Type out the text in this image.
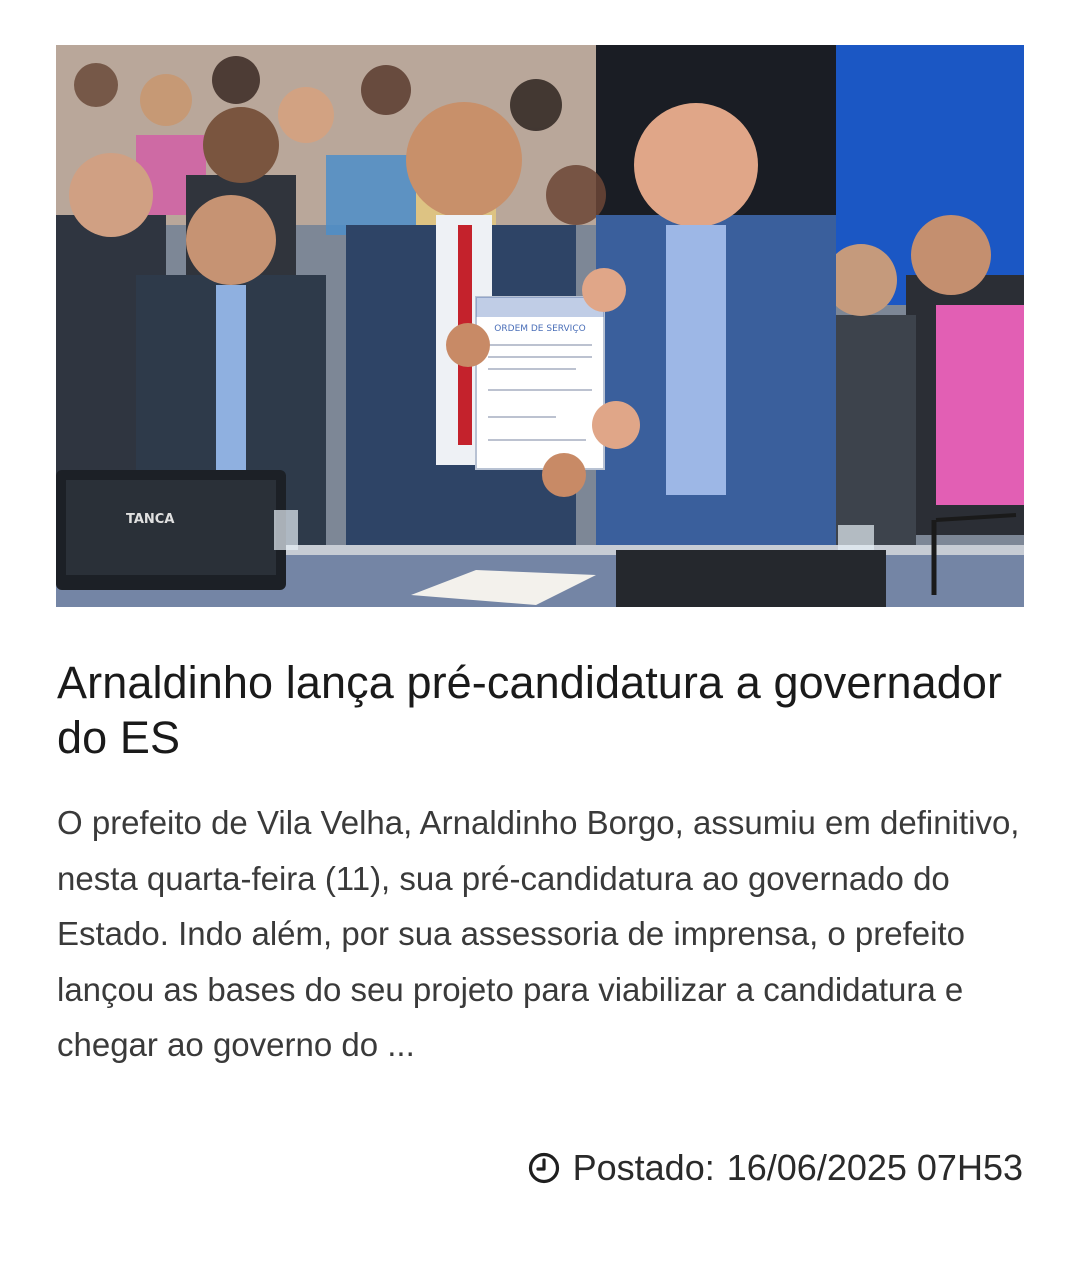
ORDEM DE SERVIÇO
TANCA
Arnaldinho lança pré-candidatura a governador do ES

O prefeito de Vila Velha, Arnaldinho Borgo, assumiu em definitivo, nesta quarta-feira (11), sua pré-candidatura ao governado do Estado. Indo além, por sua assessoria de imprensa, o prefeito lançou as bases do seu projeto para viabilizar a candidatura e chegar ao governo do ...

Postado: 16/06/2025 07H53
